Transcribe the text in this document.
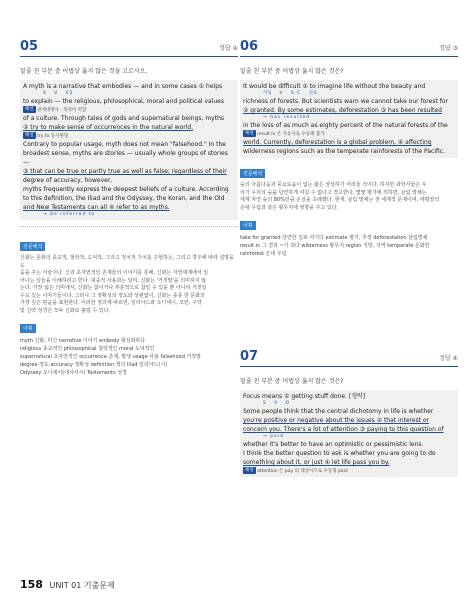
05	정답 ④
밑줄 친 부분 중 어법상 옳지 않은 것을 고르시오.
A myth is a narrative that embodies — and in some cases ① helps
S   V   V2
to explain — the religious, philosophical, moral and political values
해설 관계대명사 · 목적어 역할
of a culture. Through tales of gods and supernatural beings, myths
② try to make sense of occurrences in the natural world.
해설 try to 동사원형
Contrary to popular usage, myth does not mean "falsehood." In the
broadest sense, myths are stories — usually whole groups of stories —
③ that can be true or partly true as well as false; regardless of their
degree of accuracy, however,
myths frequently express the deepest beliefs of a culture. According
to this definition, the Iliad and the Odyssey, the Koran, and the Old
and New Testaments can all ④ refer to as myths.
→ be referred to
전문해석
신화는 문화의 종교적, 철학적, 도덕적, 그리고 정치적 가치를 구현하는, 그리고 경우에 따라 설명을 도
움을 주는 서술이다. 신과 초자연적인 존재들의 이야기를 통해, 신화는 자연세계에서 일
어나는 일들을 이해하려고 한다. 대중적 사용과는 달리, 신화는 '거짓말'을 의미하지 않
는다. 가장 넓은 의미에서, 신화는 참이거나 부분적으로 참일 수 있을 뿐 아니라 거짓일
수도 있는 이야기들이다. 그러나 그 정확성의 정도와 상관없이, 신화는 종종 한 문화의
가장 깊은 믿음을 표현한다. 이러한 정의에 따르면, 일리아드와 오디세이, 코란, 구약
및 신약 성경은 모두 신화로 불릴 수 있다.
어휘
myth 신화, 미신 narrative 이야기 embody 형상화하다
religious 종교적인 philosophical 철학적인 moral 도덕적인
supernatural 초자연적인 occurrence 존재, 발생 usage 사용 falsehood 거짓말
degree 정도 accuracy 정확성 definition 정의 Iliad 일리아드(시)
Odyssey 오디세이(대서사시) Testaments 성경
06	정답 ③
밑줄 친 부분 중 어법상 옳지 않은 것은?
It would be difficult ① to imagine life without the beauty and
가S   V   S.C   진S
richness of forests. But scientists warn we cannot take our forest for
② granted. By some estimates, deforestation ③ has been resulted
→ has resulted
in the loss of as much as eighty percent of the natural forests of the
해설 result in 은 자동사로 수동태 불가
world. Currently, deforestation is a global problem, ④ affecting
wilderness regions such as the temperate rainforests of the Pacific.
전문해석
숲의 아름다움과 풍요로움이 없는 삶은 상상하기 어려울 것이다. 하지만 과학자들은 우
리가 우리의 숲을 당연하게 여길 수 없다고 경고한다. 몇몇 평가에 의하면, 삼림 벌채는
세계 자연 숲의 80%만큼 손실을 초래했다. 현재, 삼림 벌채는 전 세계적 문제이며, 태평양의
온대 우림과 같은 황무지에 영향을 주고 있다.
어휘
take for granted 당연한 일로 여기다 estimate 평가, 추정 deforestation 삼림벌채
result in 그 결과 ~가 되다 wilderness 황무지 region 지방, 지역 temperate 온화한
rainforest 온대 우림
07	정답 ④
밑줄 친 부분 중 어법상 옳지 않은 것은?
Focus means ① getting stuff done. [생략]
S   V   O
Some people think that the central dichotomy in life is whether
you're positive or negative about the issues ② that interest or
concern you. There's a lot of attention ③ paying to this question of
→ paid
whether it's better to have an optimistic or pessimistic lens.
I think the better question to ask is whether you are going to do
something about it, or just ④ let life pass you by.
해설 attention 은 pay 의 대상이므로 수동형 paid
158 UNIT 01 기출문제
